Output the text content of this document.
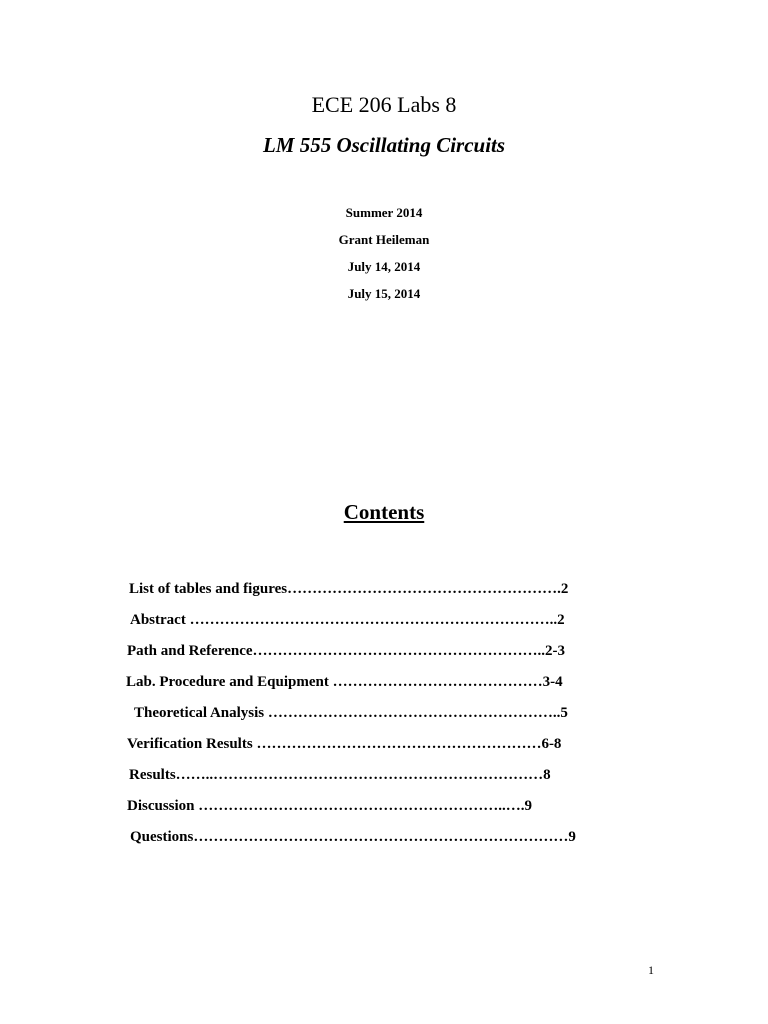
ECE 206 Labs 8
LM 555 Oscillating Circuits

Summer 2014

Grant Heileman

July 14, 2014

July 15, 2014

Contents
List of tables and figures……………………………………………….2
Abstract ………………………………………………………………..2
Path and Reference…………………………………………………..2-3
Lab. Procedure and Equipment ……………………………………3-4
Theoretical Analysis …………………………………………………..5
Verification Results …………………………………………………6-8
Results……..…………………………………………………………8
Discussion ……………………………………………………..….9
Questions…………………………………………………………………9
1
